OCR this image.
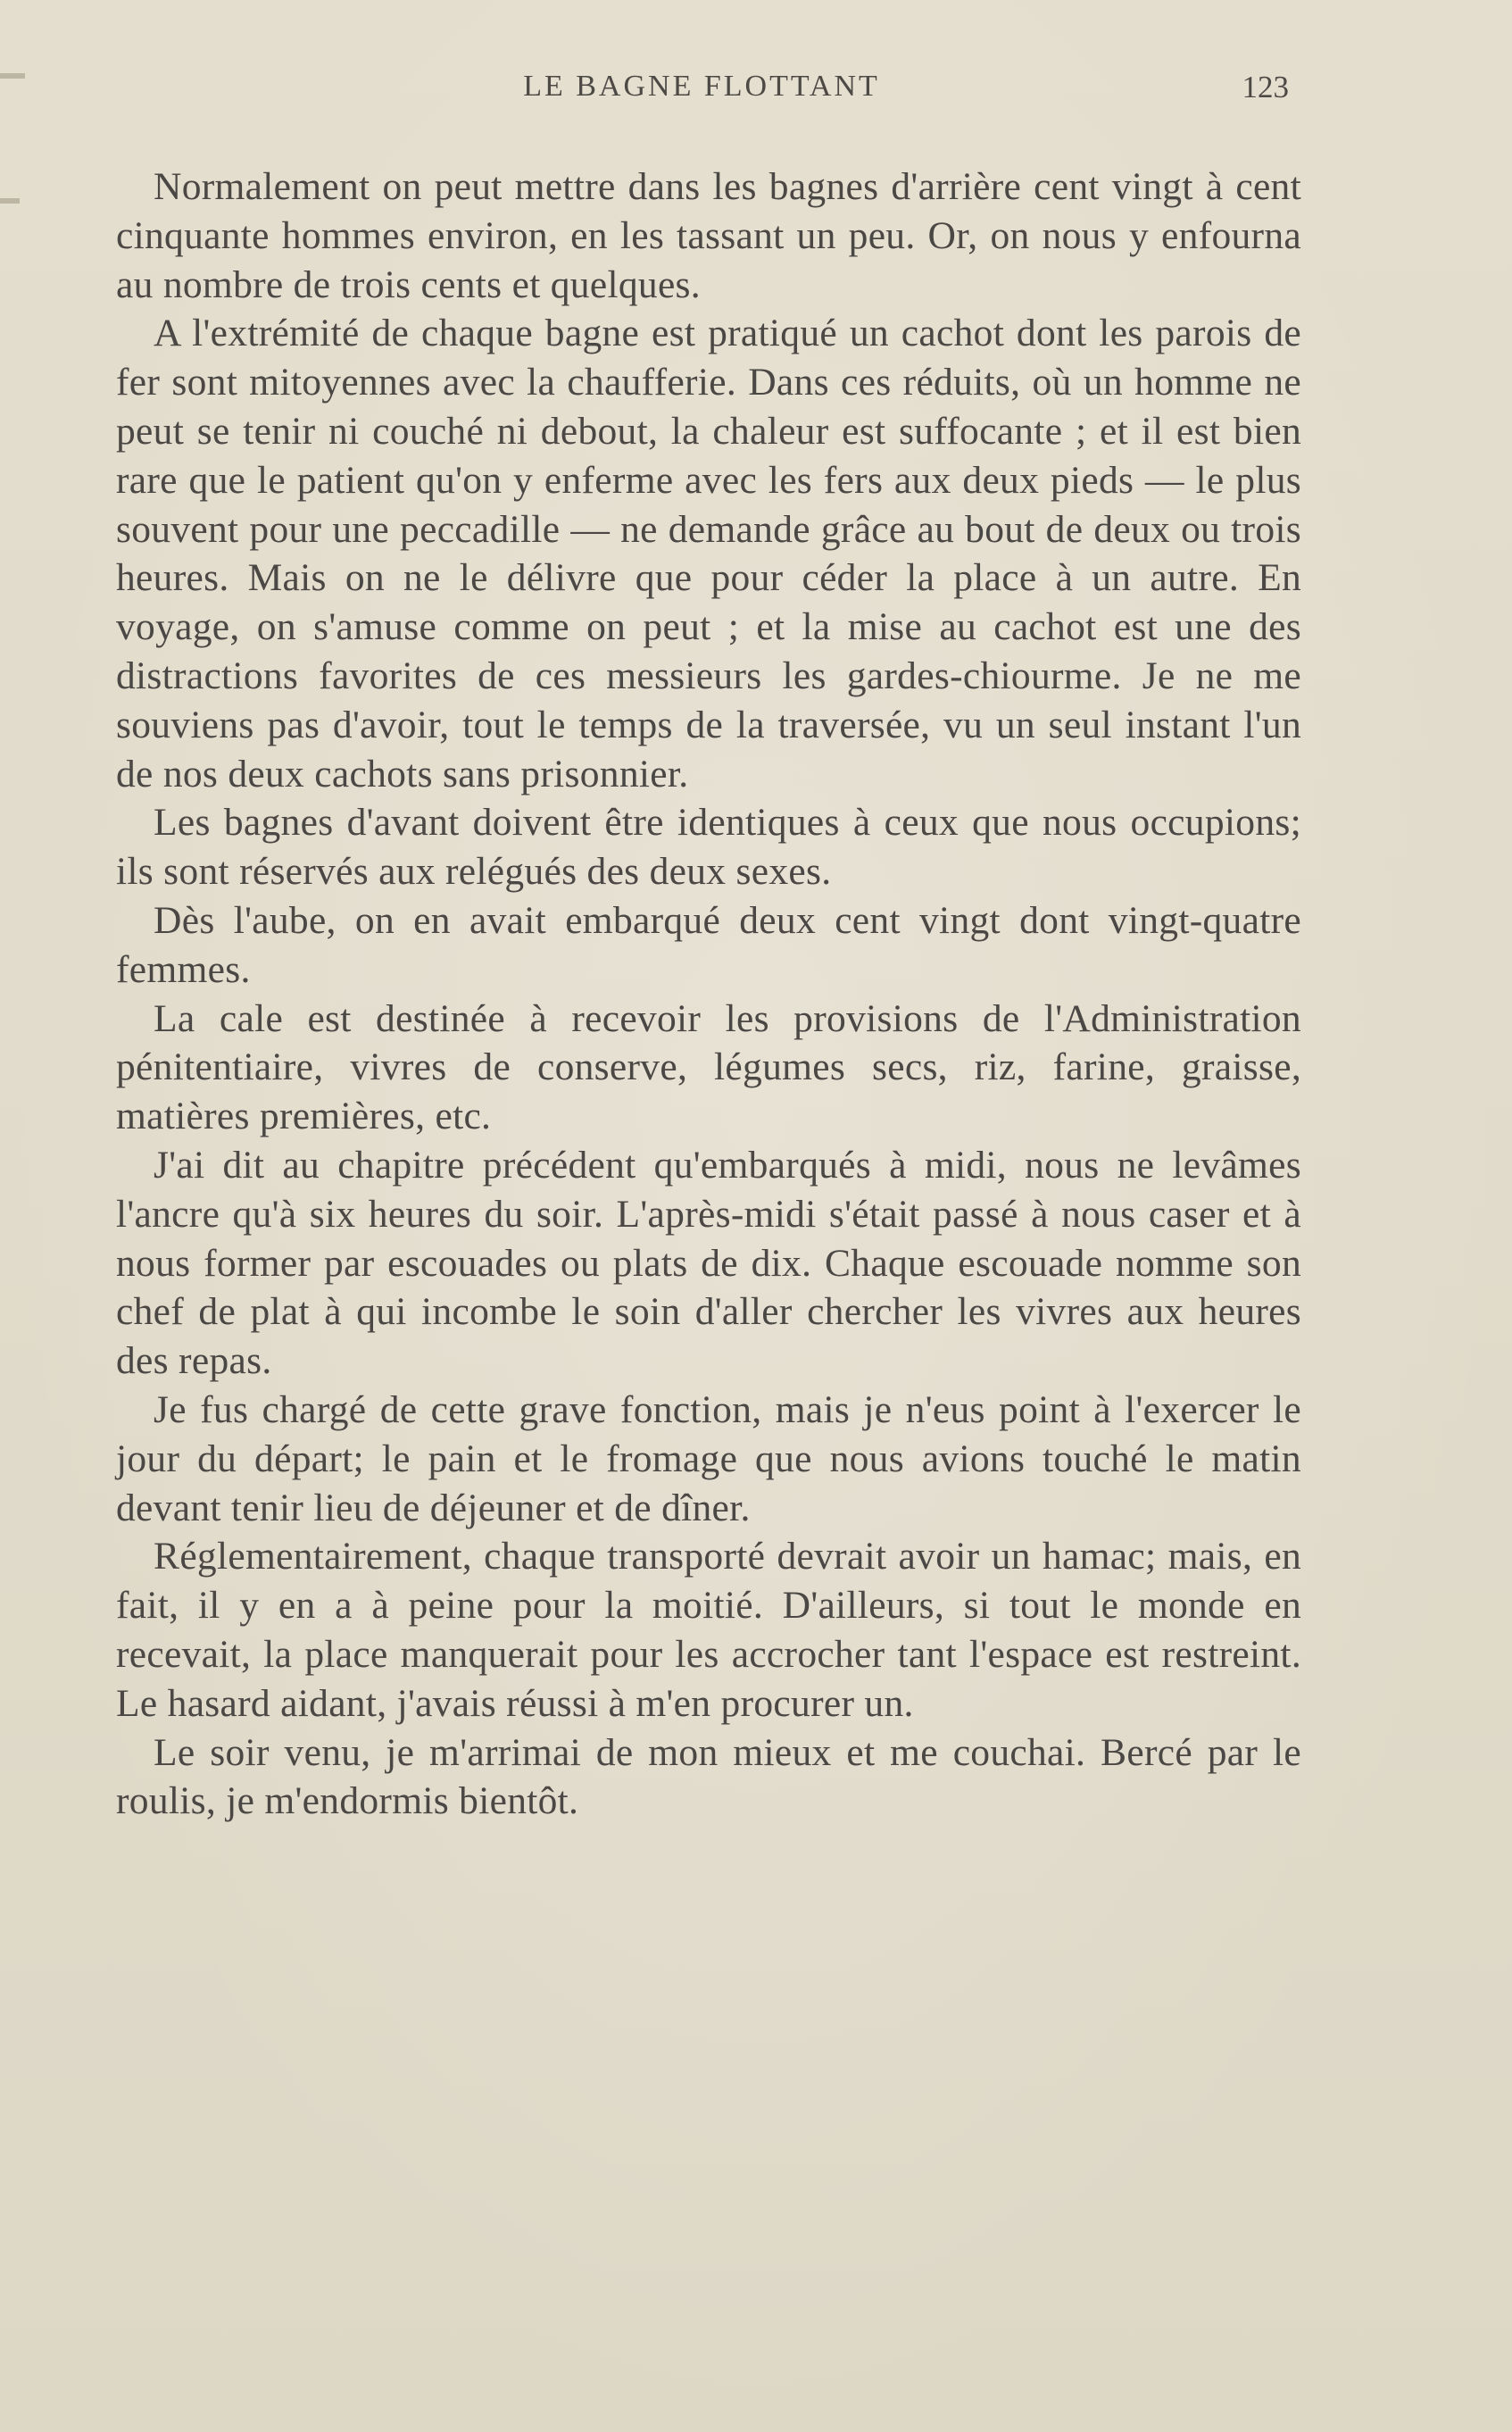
LE BAGNE FLOTTANT	123

Normalement on peut mettre dans les bagnes d'arrière cent vingt à cent cinquante hommes environ, en les tassant un peu. Or, on nous y enfourna au nombre de trois cents et quelques.

A l'extrémité de chaque bagne est pratiqué un cachot dont les parois de fer sont mitoyennes avec la chaufferie. Dans ces réduits, où un homme ne peut se tenir ni couché ni debout, la chaleur est suffocante ; et il est bien rare que le patient qu'on y enferme avec les fers aux deux pieds — le plus souvent pour une peccadille — ne demande grâce au bout de deux ou trois heures. Mais on ne le délivre que pour céder la place à un autre. En voyage, on s'amuse comme on peut ; et la mise au cachot est une des distractions favorites de ces messieurs les gardes-chiourme. Je ne me souviens pas d'avoir, tout le temps de la traversée, vu un seul instant l'un de nos deux cachots sans prisonnier.

Les bagnes d'avant doivent être identiques à ceux que nous occupions; ils sont réservés aux relégués des deux sexes.

Dès l'aube, on en avait embarqué deux cent vingt dont vingt-quatre femmes.

La cale est destinée à recevoir les provisions de l'Administration pénitentiaire, vivres de conserve, légumes secs, riz, farine, graisse, matières premières, etc.

J'ai dit au chapitre précédent qu'embarqués à midi, nous ne levâmes l'ancre qu'à six heures du soir. L'après-midi s'était passé à nous caser et à nous former par escouades ou plats de dix. Chaque escouade nomme son chef de plat à qui incombe le soin d'aller chercher les vivres aux heures des repas.

Je fus chargé de cette grave fonction, mais je n'eus point à l'exercer le jour du départ; le pain et le fromage que nous avions touché le matin devant tenir lieu de déjeuner et de dîner.

Réglementairement, chaque transporté devrait avoir un hamac; mais, en fait, il y en a à peine pour la moitié. D'ailleurs, si tout le monde en recevait, la place manquerait pour les accrocher tant l'espace est restreint. Le hasard aidant, j'avais réussi à m'en procurer un.

Le soir venu, je m'arrimai de mon mieux et me couchai. Bercé par le roulis, je m'endormis bientôt.
